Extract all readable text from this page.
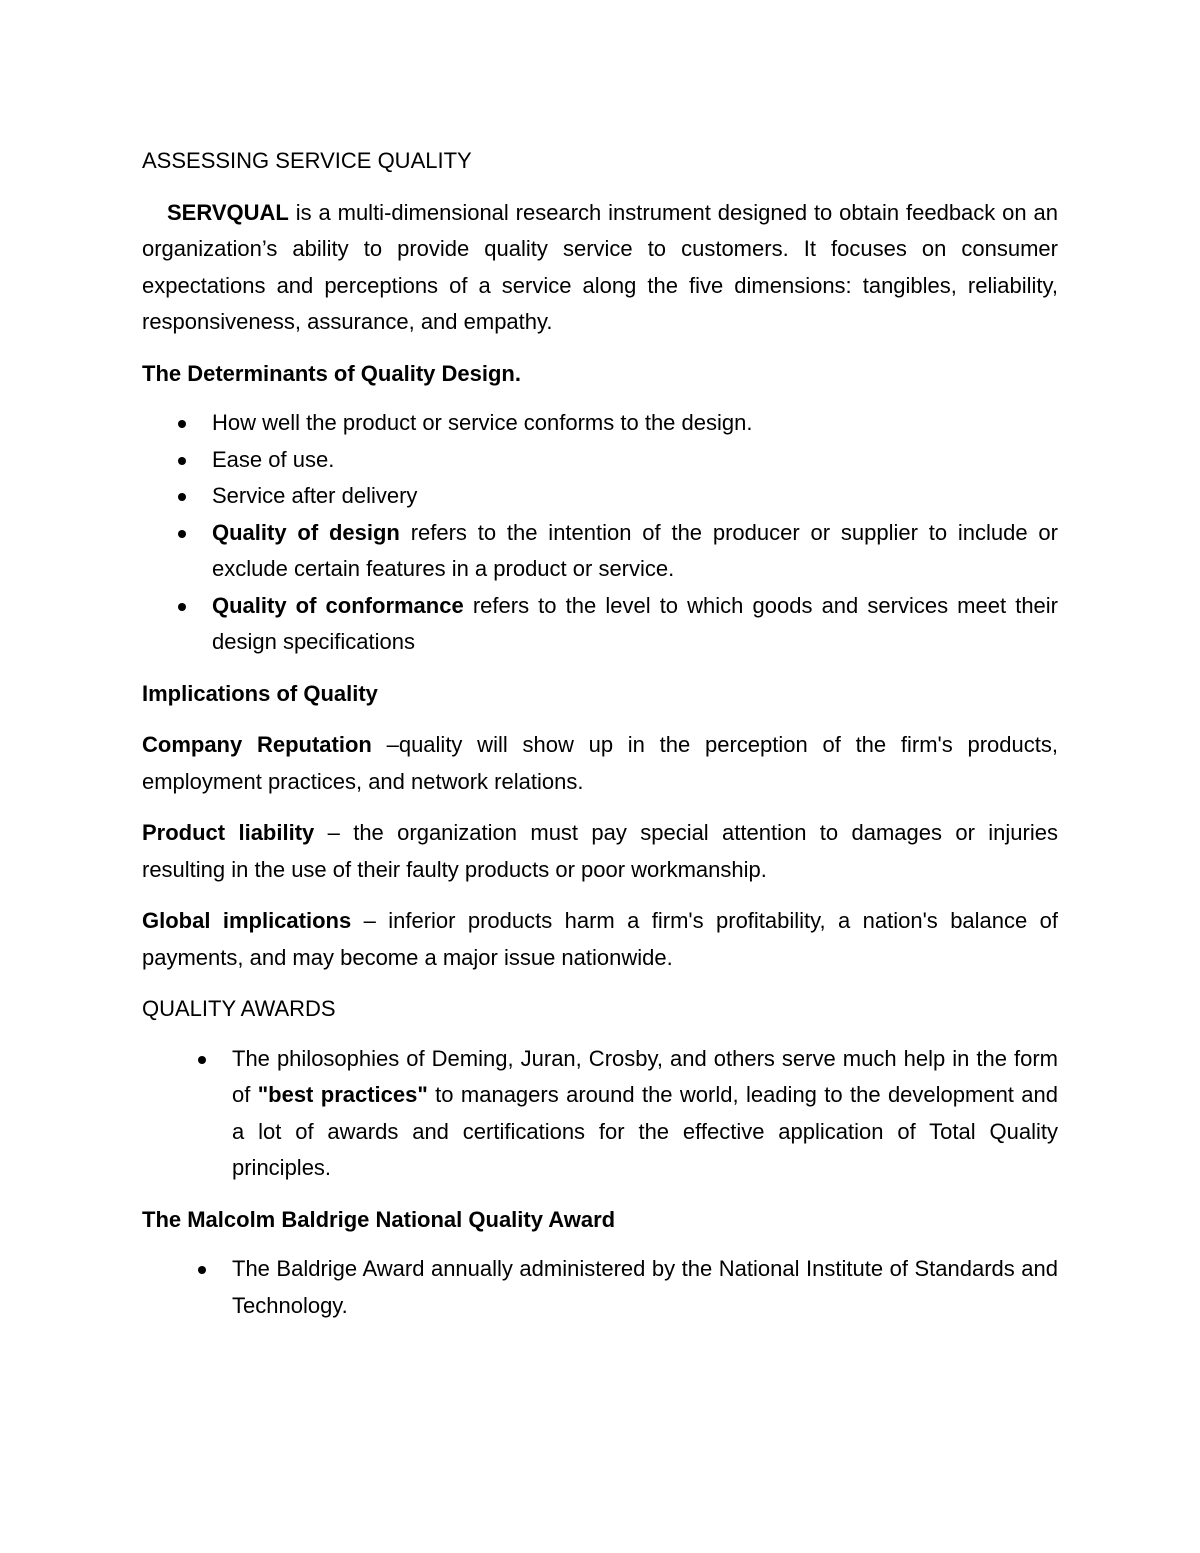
ASSESSING SERVICE QUALITY

SERVQUAL is a multi-dimensional research instrument designed to obtain feedback on an organization’s ability to provide quality service to customers. It focuses on consumer expectations and perceptions of a service along the five dimensions: tangibles, reliability, responsiveness, assurance, and empathy.

The Determinants of Quality Design.

How well the product or service conforms to the design.
Ease of use.
Service after delivery
Quality of design refers to the intention of the producer or supplier to include or exclude certain features in a product or service.
Quality of conformance refers to the level to which goods and services meet their design specifications

Implications of Quality

Company Reputation –quality will show up in the perception of the firm's products, employment practices, and network relations.

Product liability – the organization must pay special attention to damages or injuries resulting in the use of their faulty products or poor workmanship.

Global implications – inferior products harm a firm's profitability, a nation's balance of payments, and may become a major issue nationwide.

QUALITY AWARDS

The philosophies of Deming, Juran, Crosby, and others serve much help in the form of "best practices" to managers around the world, leading to the development and a lot of awards and certifications for the effective application of Total Quality principles.

The Malcolm Baldrige National Quality Award

The Baldrige Award annually administered by the National Institute of Standards and Technology.
